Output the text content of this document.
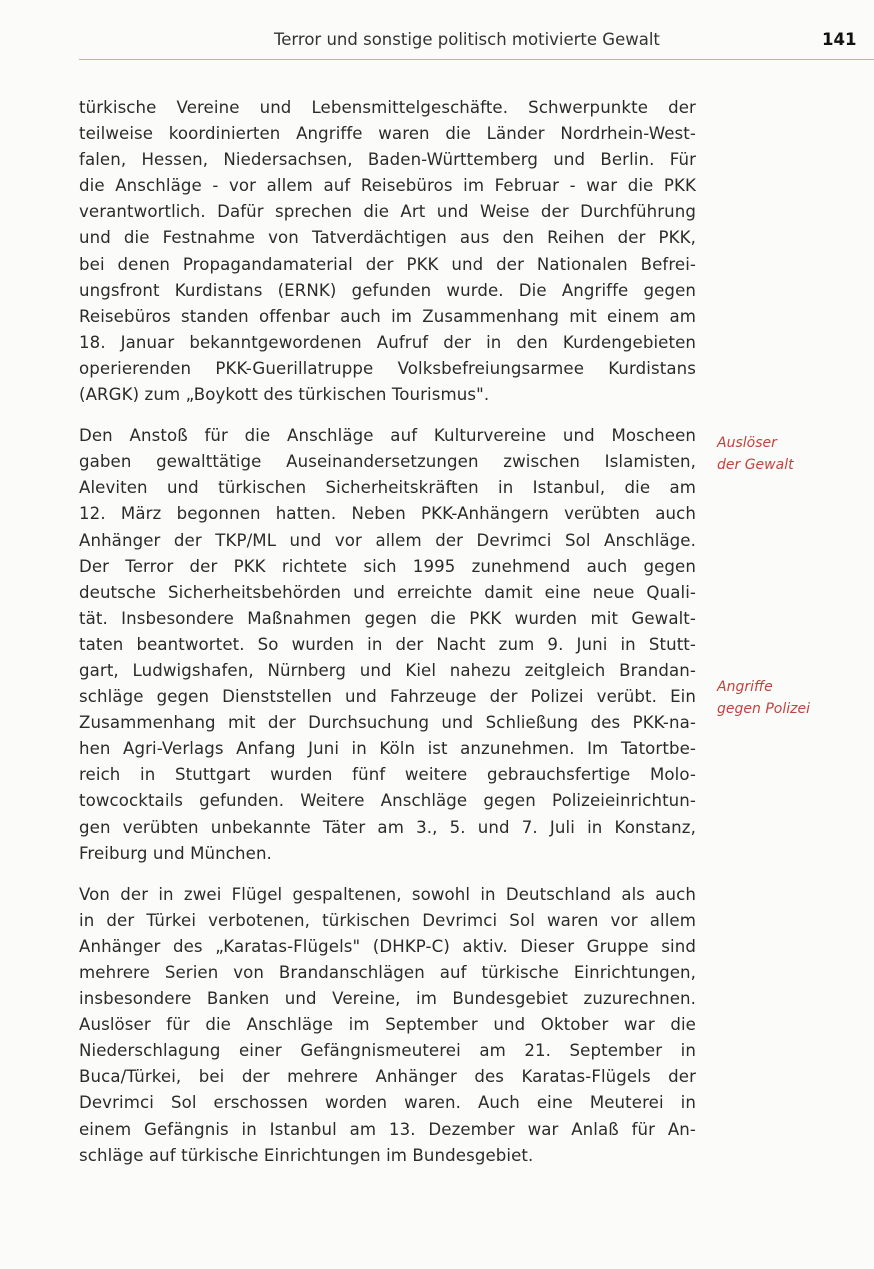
Terror und sonstige politisch motivierte Gewalt	141

türkische Vereine und Lebensmittelgeschäfte. Schwerpunkte der
teilweise koordinierten Angriffe waren die Länder Nordrhein-West-
falen, Hessen, Niedersachsen, Baden-Württemberg und Berlin. Für
die Anschläge - vor allem auf Reisebüros im Februar - war die PKK
verantwortlich. Dafür sprechen die Art und Weise der Durchführung
und die Festnahme von Tatverdächtigen aus den Reihen der PKK,
bei denen Propagandamaterial der PKK und der Nationalen Befrei-
ungsfront Kurdistans (ERNK) gefunden wurde. Die Angriffe gegen
Reisebüros standen offenbar auch im Zusammenhang mit einem am
18. Januar bekanntgewordenen Aufruf der in den Kurdengebieten
operierenden PKK-Guerillatruppe Volksbefreiungsarmee Kurdistans
(ARGK) zum „Boykott des türkischen Tourismus".

Den Anstoß für die Anschläge auf Kulturvereine und Moscheen
gaben gewalttätige Auseinandersetzungen zwischen Islamisten,
Aleviten und türkischen Sicherheitskräften in Istanbul, die am
12. März begonnen hatten. Neben PKK-Anhängern verübten auch
Anhänger der TKP/ML und vor allem der Devrimci Sol Anschläge.
Der Terror der PKK richtete sich 1995 zunehmend auch gegen
deutsche Sicherheitsbehörden und erreichte damit eine neue Quali-
tät. Insbesondere Maßnahmen gegen die PKK wurden mit Gewalt-
taten beantwortet. So wurden in der Nacht zum 9. Juni in Stutt-
gart, Ludwigshafen, Nürnberg und Kiel nahezu zeitgleich Brandan-
schläge gegen Dienststellen und Fahrzeuge der Polizei verübt. Ein
Zusammenhang mit der Durchsuchung und Schließung des PKK-na-
hen Agri-Verlags Anfang Juni in Köln ist anzunehmen. Im Tatortbe-
reich in Stuttgart wurden fünf weitere gebrauchsfertige Molo-
towcocktails gefunden. Weitere Anschläge gegen Polizeieinrichtun-
gen verübten unbekannte Täter am 3., 5. und 7. Juli in Konstanz,
Freiburg und München.

Von der in zwei Flügel gespaltenen, sowohl in Deutschland als auch
in der Türkei verbotenen, türkischen Devrimci Sol waren vor allem
Anhänger des „Karatas-Flügels" (DHKP-C) aktiv. Dieser Gruppe sind
mehrere Serien von Brandanschlägen auf türkische Einrichtungen,
insbesondere Banken und Vereine, im Bundesgebiet zuzurechnen.
Auslöser für die Anschläge im September und Oktober war die
Niederschlagung einer Gefängnismeuterei am 21. September in
Buca/Türkei, bei der mehrere Anhänger des Karatas-Flügels der
Devrimci Sol erschossen worden waren. Auch eine Meuterei in
einem Gefängnis in Istanbul am 13. Dezember war Anlaß für An-
schläge auf türkische Einrichtungen im Bundesgebiet.

Auslöser
der Gewalt
Angriffe
gegen Polizei
